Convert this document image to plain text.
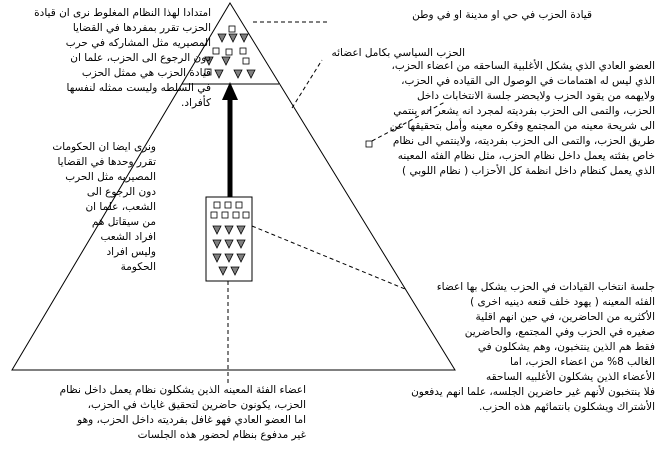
قيادة الحزب في حي او مدينة او في وطن
الحزب السياسي بكامل اعضائه
العضو العادي الذي يشكل الأغلبية الساحقه من اعضاء الحزب،
الذي ليس له اهتمامات في الوصول الى القياده في الحزب،
ولايهمه من يقود الحزب ولايحضر جلسة الانتخابات داخل
الحزب، والتمى الى الحزب بفرديته لمجرد انه يشعر انه ينتمي
الى شريحة معينه من المجتمع وفكره معينه وأمل بتحقيقها عن
طريق الحزب، والتمى الى الحزب بفرديته، ولاينتمي الى نظام
خاص بفئته يعمل داخل نظام الحزب، مثل نظام الفئه المعينه
الذي يعمل كنظام داخل انظمة كل الأحزاب ( نظام اللوبي )
جلسة انتخاب القيادات في الحزب يشكل بها اعضاء
الفئه المعينه ( يهود خلف قنعه دينيه اخرى )
الأكثريه من الحاضرين، في حين انهم اقلية
صغيره في الحزب وفي المجتمع، والحاضرين
فقط هم الذين ينتخبون، وهم يشكلون في
الغالب 8% من اعضاء الحزب، اما
الأعضاء الذين يشكلون الأغلبيه الساحقه
فلا ينتخبون لأنهم غير حاضرين الجلسه، علما انهم يدفعون
الأشتراك ويشكلون بانتمائهم هذه الحزب.
امتدادا لهذا النظام المغلوط نرى ان قيادة
الحزب تقرر بمفردها في القضايا
المصيريه مثل المشاركه في حرب
دون الرجوع الى الحزب، علما ان
قيادة الحزب هي ممثل الحزب
في السلطه وليست ممثله لنفسها
كأفراد.
ونرى ايضا ان الحكومات
تقرر وحدها في القضايا
المصيريه مثل الحرب
دون الرجوع الى
الشعب، علما ان
من سيقاتل هم
افراد الشعب
وليس افراد
الحكومة
اعضاء الفئة المعينه الذين يشكلون نظام يعمل داخل نظام
الحزب، يكونون حاضرين لتحقيق غاياث في الحزب،
اما العضو العادي فهو غافل بفرديته داخل الحزب، وهو
غير مدفوع بنظام لحضور هذه الجلسات
